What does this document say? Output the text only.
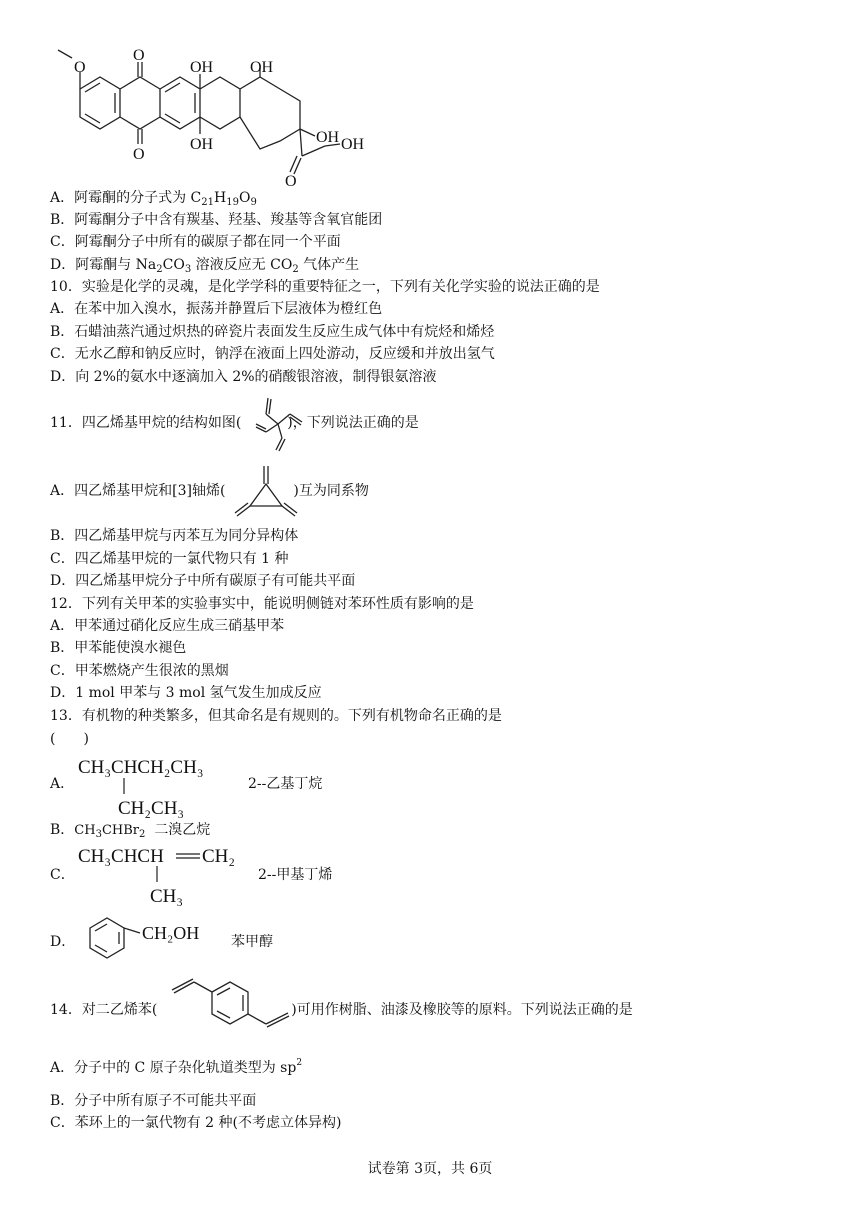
O
O
O
OH
OH
OH
OH OH
O
A．阿霉酮的分子式为 $C_{21}H_{19}O_9$
B．阿霉酮分子中含有羰基、羟基、羧基等含氧官能团
C．阿霉酮分子中所有的碳原子都在同一个平面
D．阿霉酮与 $Na_2CO_3$ 溶液反应无 $CO_2$ 气体产生
10．实验是化学的灵魂，是化学学科的重要特征之一，下列有关化学实验的说法正确的是
A．在苯中加入溴水，振荡并静置后下层液体为橙红色
B．石蜡油蒸汽通过炽热的碎瓷片表面发生反应生成气体中有烷烃和烯烃
C．无水乙醇和钠反应时，钠浮在液面上四处游动，反应缓和并放出氢气
D．向 2%的氨水中逐滴加入 2%的硝酸银溶液，制得银氨溶液
11．四乙烯基甲烷的结构如图(	)，下列说法正确的是
A．四乙烯基甲烷和[3]轴烯(	)互为同系物
B．四乙烯基甲烷与丙苯互为同分异构体
C．四乙烯基甲烷的一氯代物只有 1 种
D．四乙烯基甲烷分子中所有碳原子有可能共平面
12．下列有关甲苯的实验事实中，能说明侧链对苯环性质有影响的是
A．甲苯通过硝化反应生成三硝基甲苯
B．甲苯能使溴水褪色
C．甲苯燃烧产生很浓的黑烟
D．1 mol 甲苯与 3 mol 氢气发生加成反应
13．有机物的种类繁多，但其命名是有规则的。下列有机物命名正确的是
(　　)
A．
CH₃CHCH₂CH₃
CH₂CH₃
2--乙基丁烷
B．$CH_3CHBr_2$ 二溴乙烷
C．
CH₃CHCH CH₂
CH₃
2--甲基丁烯
D．	CH₂OH 苯甲醇
14．对二乙烯苯(	)可用作树脂、油漆及橡胶等的原料。下列说法正确的是
A．分子中的 C 原子杂化轨道类型为 $sp^2$
B．分子中所有原子不可能共平面
C．苯环上的一氯代物有 2 种(不考虑立体异构)
试卷第 3页，共 6页
